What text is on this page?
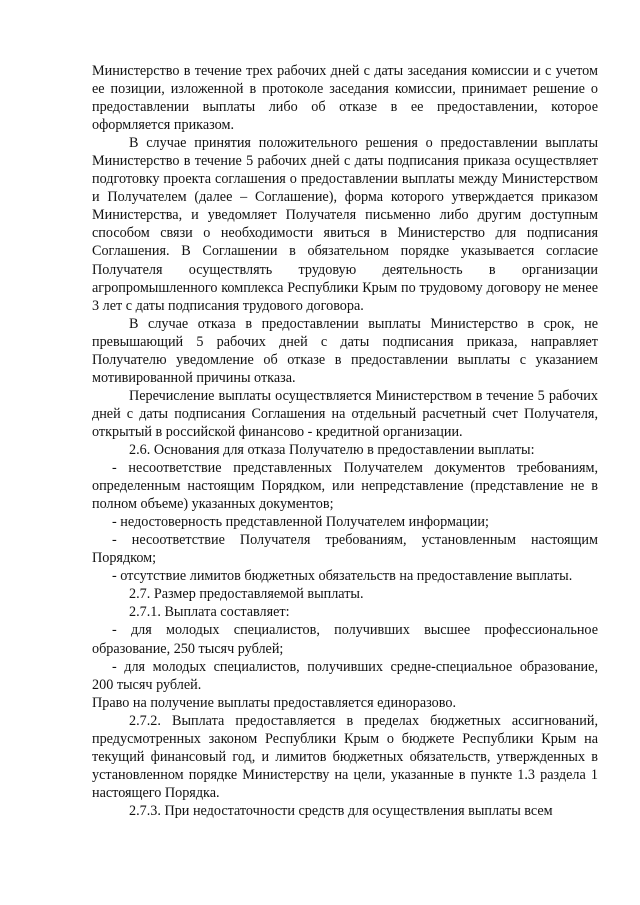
Министерство в течение трех рабочих дней с даты заседания комиссии и с учетом ее позиции, изложенной в протоколе заседания комиссии, принимает решение о предоставлении выплаты либо об отказе в ее предоставлении, которое оформляется приказом.

В случае принятия положительного решения о предоставлении выплаты Министерство в течение 5 рабочих дней с даты подписания приказа осуществляет подготовку проекта соглашения о предоставлении выплаты между Министерством и Получателем (далее – Соглашение), форма которого утверждается приказом Министерства, и уведомляет Получателя письменно либо другим доступным способом связи о необходимости явиться в Министерство для подписания Соглашения. В Соглашении в обязательном порядке указывается согласие Получателя осуществлять трудовую деятельность в организации агропромышленного комплекса Республики Крым по трудовому договору не менее 3 лет с даты подписания трудового договора.

В случае отказа в предоставлении выплаты Министерство в срок, не превышающий 5 рабочих дней с даты подписания приказа, направляет Получателю уведомление об отказе в предоставлении выплаты с указанием мотивированной причины отказа.

Перечисление выплаты осуществляется Министерством в течение 5 рабочих дней с даты подписания Соглашения на отдельный расчетный счет Получателя, открытый в российской финансово - кредитной организации.

2.6. Основания для отказа Получателю в предоставлении выплаты:

- несоответствие представленных Получателем документов требованиям, определенным настоящим Порядком, или непредставление (представление не в полном объеме) указанных документов;

- недостоверность представленной Получателем информации;

- несоответствие Получателя требованиям, установленным настоящим Порядком;

- отсутствие лимитов бюджетных обязательств на предоставление выплаты.

2.7. Размер предоставляемой выплаты.

2.7.1. Выплата составляет:

- для молодых специалистов, получивших высшее профессиональное образование, 250 тысяч рублей;

- для молодых специалистов, получивших средне-специальное образование, 200 тысяч рублей.

Право на получение выплаты предоставляется единоразово.

2.7.2. Выплата предоставляется в пределах бюджетных ассигнований, предусмотренных законом Республики Крым о бюджете Республики Крым на текущий финансовый год, и лимитов бюджетных обязательств, утвержденных в установленном порядке Министерству на цели, указанные в пункте 1.3 раздела 1 настоящего Порядка.

2.7.3. При недостаточности средств для осуществления выплаты всем
